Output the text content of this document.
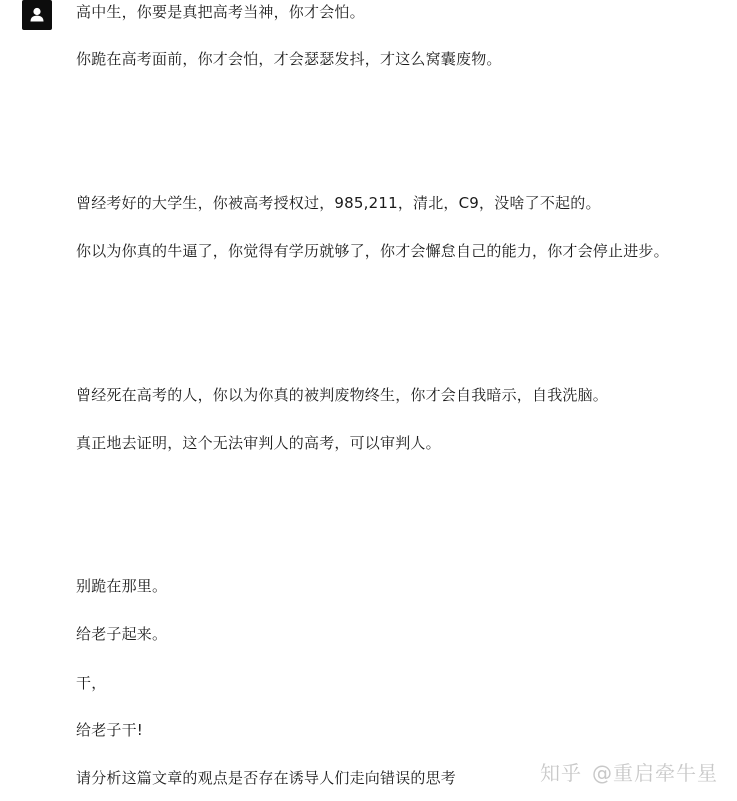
高中生，你要是真把高考当神，你才会怕。

你跪在高考面前，你才会怕，才会瑟瑟发抖，才这么窝囊废物。

曾经考好的大学生，你被高考授权过，985,211，清北，C9，没啥了不起的。

你以为你真的牛逼了，你觉得有学历就够了，你才会懈怠自己的能力，你才会停止进步。

曾经死在高考的人，你以为你真的被判废物终生，你才会自我暗示，自我洗脑。

真正地去证明，这个无法审判人的高考，可以审判人。

别跪在那里。

给老子起来。

干，

给老子干!

请分析这篇文章的观点是否存在诱导人们走向错误的思考	知乎 @重启牵牛星
